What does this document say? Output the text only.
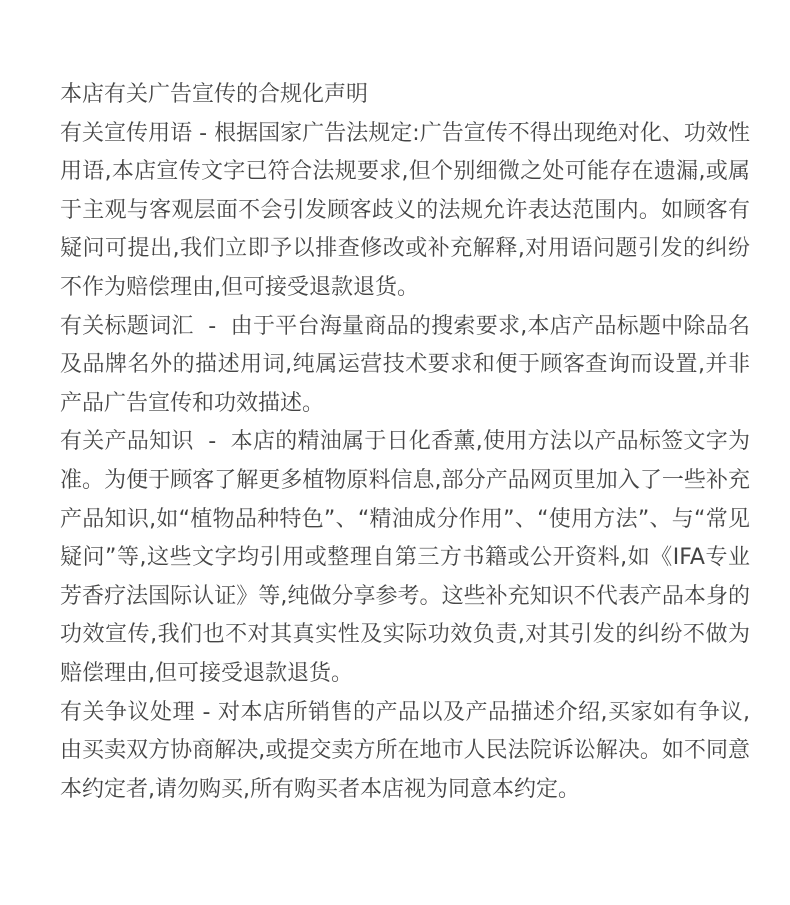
本店有关广告宣传的合规化声明

有关宣传用语 - 根据国家广告法规定:广告宣传不得出现绝对化、功效性用语,本店宣传文字已符合法规要求,但个别细微之处可能存在遗漏,或属于主观与客观层面不会引发顾客歧义的法规允许表达范围内。如顾客有疑问可提出,我们立即予以排查修改或补充解释,对用语问题引发的纠纷不作为赔偿理由,但可接受退款退货。

有关标题词汇  -  由于平台海量商品的搜索要求,本店产品标题中除品名及品牌名外的描述用词,纯属运营技术要求和便于顾客查询而设置,并非产品广告宣传和功效描述。

有关产品知识  -  本店的精油属于日化香薰,使用方法以产品标签文字为准。为便于顾客了解更多植物原料信息,部分产品网页里加入了一些补充产品知识,如“植物品种特色”、“精油成分作用”、“使用方法”、与“常见疑问”等,这些文字均引用或整理自第三方书籍或公开资料,如《IFA专业芳香疗法国际认证》等,纯做分享参考。这些补充知识不代表产品本身的功效宣传,我们也不对其真实性及实际功效负责,对其引发的纠纷不做为赔偿理由,但可接受退款退货。

有关争议处理 - 对本店所销售的产品以及产品描述介绍,买家如有争议,由买卖双方协商解决,或提交卖方所在地市人民法院诉讼解决。如不同意本约定者,请勿购买,所有购买者本店视为同意本约定。
